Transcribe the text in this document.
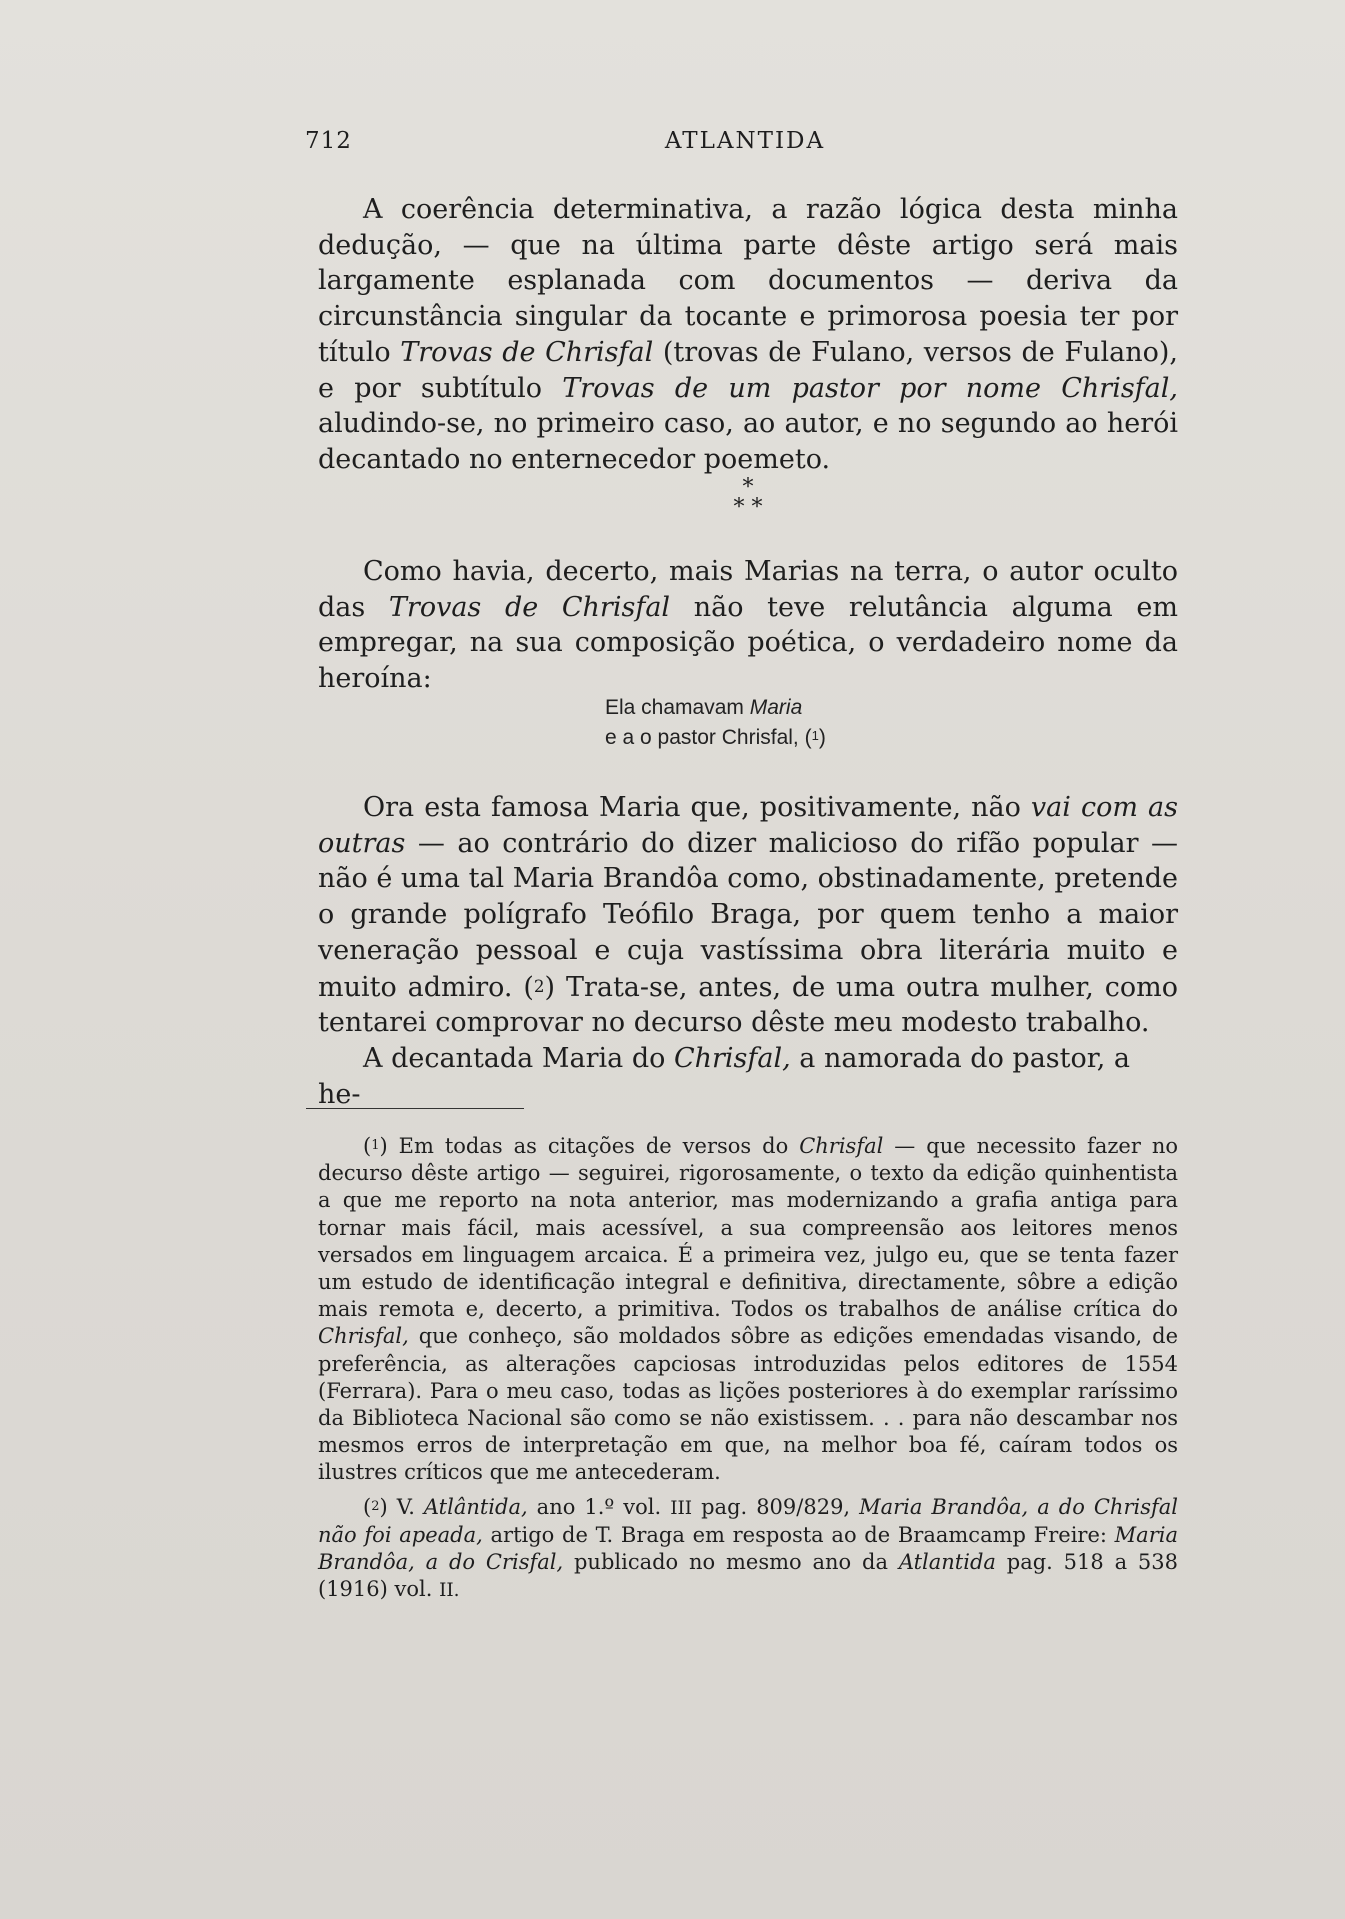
712	ATLANTIDA

A coerência determinativa, a razão lógica desta minha dedução, — que na última parte dêste artigo será mais largamente esplanada com documentos — deriva da circunstância singular da tocante e primorosa poesia ter por título Trovas de Chrisfal (trovas de Fulano, versos de Fulano), e por subtítulo Trovas de um pastor por nome Chrisfal, aludindo-se, no primeiro caso, ao autor, e no segundo ao herói decantado no enternecedor poemeto.

*
* *

Como havia, decerto, mais Marias na terra, o autor oculto das Trovas de Chrisfal não teve relutância alguma em empregar, na sua composição poética, o verdadeiro nome da heroína:

Ela chamavam Maria

e a o pastor Chrisfal, ($^1$)

Ora esta famosa Maria que, positivamente, não vai com as outras — ao contrário do dizer malicioso do rifão popular — não é uma tal Maria Brandôa como, obstinadamente, pretende o grande polígrafo Teófilo Braga, por quem tenho a maior veneração pessoal e cuja vastíssima obra literária muito e muito admiro. ($^2$) Trata-se, antes, de uma outra mulher, como tentarei comprovar no decurso dêste meu modesto trabalho.

A decantada Maria do Chrisfal, a namorada do pastor, a he-

($^1$) Em todas as citações de versos do Chrisfal — que necessito fazer no decurso dêste artigo — seguirei, rigorosamente, o texto da edição quinhentista a que me reporto na nota anterior, mas modernizando a grafia antiga para tornar mais fácil, mais acessível, a sua compreensão aos leitores menos versados em linguagem arcaica. É a primeira vez, julgo eu, que se tenta fazer um estudo de identificação integral e definitiva, directamente, sôbre a edição mais remota e, decerto, a primitiva. Todos os trabalhos de análise crítica do Chrisfal, que conheço, são moldados sôbre as edições emendadas visando, de preferência, as alterações capciosas introduzidas pelos editores de 1554 (Ferrara). Para o meu caso, todas as lições posteriores à do exemplar raríssimo da Biblioteca Nacional são como se não existissem. . . para não descambar nos mesmos erros de interpretação em que, na melhor boa fé, caíram todos os ilustres críticos que me antecederam.

($^2$) V. Atlântida, ano 1.º vol. III pag. 809/829, Maria Brandôa, a do Chrisfal não foi apeada, artigo de T. Braga em resposta ao de Braamcamp Freire: Maria Brandôa, a do Crisfal, publicado no mesmo ano da Atlantida pag. 518 a 538 (1916) vol. II.
